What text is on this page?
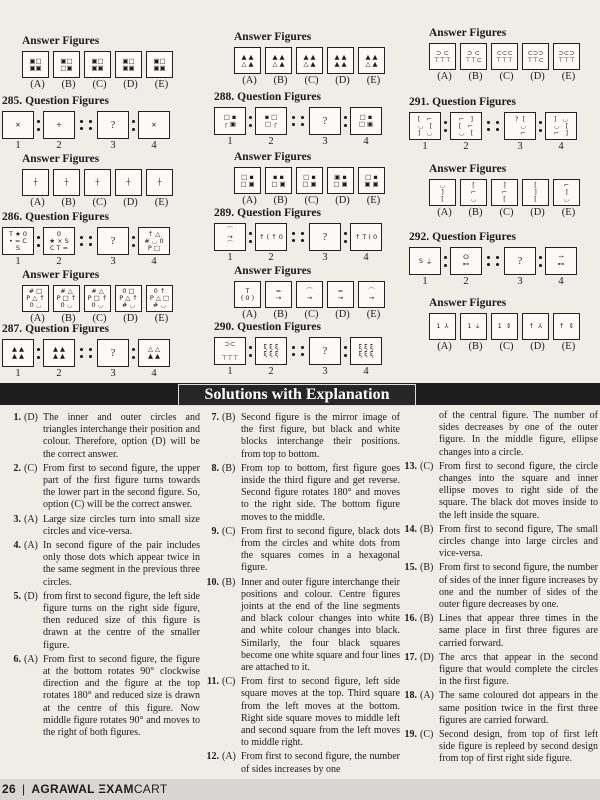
Answer Figures
▣□
▣▣
▣□
□▣
▣□
▣▣
▣□
▣▣
▣□
▣▣
(A)	(B)	(C)	(D)	(E)
285. Question Figures
✕	✛	?	✕
1	2	3	4
Answer Figures
┼	┼	┼	┼	┼
(A)	(B)	(C)	(D)	(E)
286. Question Figures
T ★ 0
• = C
S
0
★ × S
C T =
?
↑ △
# ◡ 0
P □
1	2	3	4
Answer Figures
# □
P △ ↑
0 ◡
# △
P □ ↑
0 ◡
# △
P □ ↑
0 ◡
0 □
P △ ↑
# ◡
0 ↑
P △ □
# ◡
(A)	(B)	(C)	(D)	(E)
287. Question Figures
▲ ▲
▲ ▲
▲ ▲
▲ ▲	?	△ △
▲ ▲
1	2	3	4
Answer Figures
▲ ▲
△ ▲
▲ ▲
△ ▲
▲ ▲
△ ▲
▲ ▲
▲ ▲
▲ ▲
△ ▲
(A)	(B)	(C)	(D)	(E)
288. Question Figures
□ ▪
┌ ▣
▪ □
□ ┌	?	□ ▪
□ ▣
1	2	3	4
Answer Figures
□ ▪
□ ▣
▪ ▪
□ ▣
□ ▪
□ ▣
▣ ▪
□ ▣
□ ▪
▣ ▣
(A)	(B)	(C)	(D)	(E)
289. Question Figures
⌒
→
⌒
↑ ( ↑ 0	?	↑ T ( 0
1	2	3	4
Answer Figures
T
( 0 )
=
→
⌒
→
=
→
⌒
→
(A)	(B)	(C)	(D)	(E)
290. Question Figures
⊃⊂

⊤⊤⊤
ξ ξ ξ
ξ ξ ξ	?	ξ ξ ξ
ξ ξ ξ
1	2	3	4
Answer Figures
⊃ ⊂
⊤⊤⊤
⊃ ⊂
⊤⊤⊂
⊂⊂⊂
⊤⊤⊤
⊂⊃⊃
⊤⊤⊂
⊃⊂⊃
⊤⊤⊤
(A)	(B)	(C)	(D)	(E)
291. Question Figures
[   ⌐
◡   [
]   ◡
⌐   ]
[   ⌐
◡   [
?  [
◡
⌐
]   ◡
◡   [
⌐   ]
1	2	3	4
Answer Figures
◡
]
[
[
⌐
◡
]
⌐
[
[
]
[
⌐
]
◡
(A)	(B)	(C)	(D)	(E)
292. Question Figures
S  ⍊	ⵔ
⊷	?	⇀
⊷
1	2	3	4
Answer Figures
1  ⅄	1  ⫝	1  ⇕	↑  ⅄	↑  ⇕
(A)	(B)	(C)	(D)	(E)
Solutions with Explanation
1. (D) The inner and outer circles and triangles interchange their position and colour. Therefore, option (D) will be the correct answer.
2. (C) From first to second figure, the upper part of the first figure turns towards the lower part in the second figure. So, option (C) will be the correct answer.
3. (A) Large size circles turn into small size circles and vice-versa.
4. (A) In second figure of the pair includes only those dots which appear twice in the same segment in the previous three circles.
5. (D) from first to second figure, the left side figure turns on the right side figure, then reduced size of this figure is drawn at the centre of the smaller figure.
6. (A) From first to second figure, the figure at the bottom rotates 90° clockwise direction and the figure at the top rotates 180° and reduced size is drawn at the centre of this figure. Now middle figure rotates 90° and moves to the right of both figures.
7. (B) Second figure is the mirror image of the first figure, but black and white blocks interchange their positions. from top to bottom.
8. (B) From top to bottom, first figure goes inside the third figure and get reverse. Second figure rotates 180° and moves to the right side. The bottom figure moves to the middle.
9. (C) From first to second figure, black dots from the circles and white dots from the squares comes in a hexagonal figure.
10. (B) Inner and outer figure interchange their positions and colour. Centre figures joints at the end of the line segments and black colour changes into white and white colour changes into black. Similarly, the four black squares become one white square and four lines are attached to it.
11. (C) From first to second figure, left side square moves at the top. Third square from the left moves at the bottom. Right side square moves to middle left and second square from the left moves to middle right.
12. (A) From first to second figure, the number of sides increases by one
of the central figure. The number of sides decreases by one of the outer figure. In the middle figure, ellipse changes into a circle.
13. (C) From first to second figure, the circle changes into the square and inner ellipse moves to right side of the square. The black dot moves inside to the left inside the square.
14. (B) From first to second figure, The small circles change into large circles and vice-versa.
15. (B) From first to second figure, the number of sides of the inner figure increases by one and the number of sides of the outer figure decreases by one.
16. (B) Lines that appear three times in the same place in first three figures are carried forward.
17. (D) The arcs that appear in the second figure that would complete the circles in the first figure.
18. (A) The same coloured dot appears in the same position twice in the first three figures are carried forward.
19. (C) Second design, from top of first left side figure is repleed by second design from top of first right side figure.
26 | AGRAWAL ΞXAMCART
